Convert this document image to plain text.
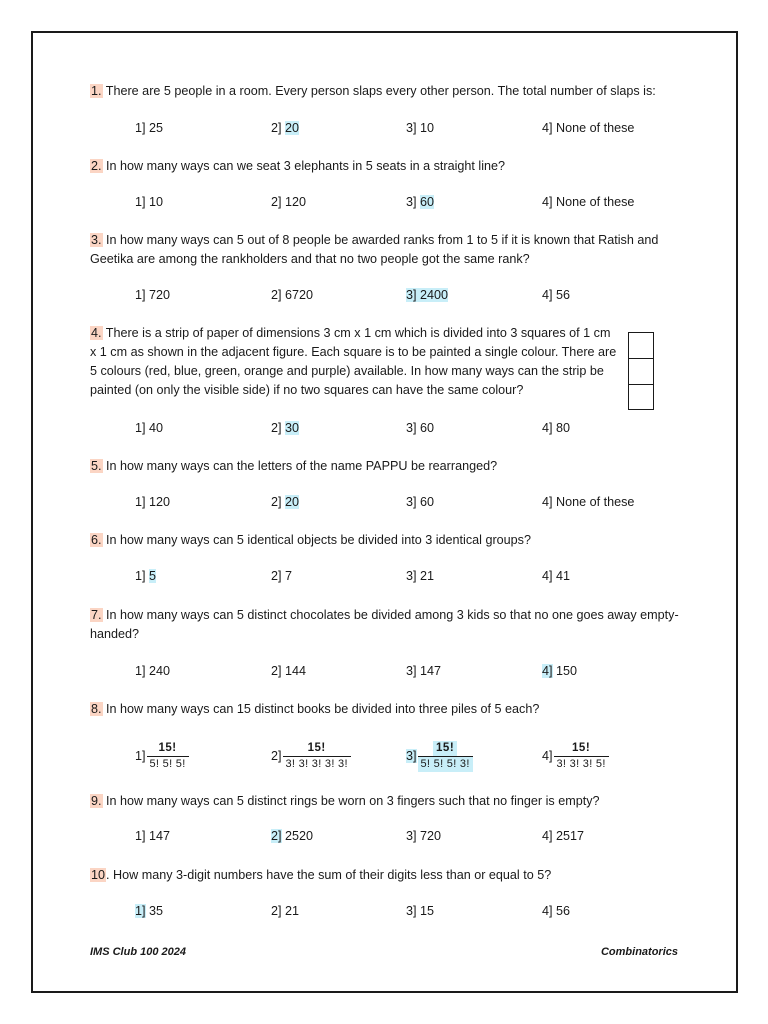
1. There are 5 people in a room. Every person slaps every other person. The total number of slaps is:

1] 25	2] 20	3] 10	4] None of these

2. In how many ways can we seat 3 elephants in 5 seats in a straight line?

1] 10	2] 120	3] 60	4] None of these

3. In how many ways can 5 out of 8 people be awarded ranks from 1 to 5 if it is known that Ratish and Geetika are among the rankholders and that no two people got the same rank?

1] 720	2] 6720	3] 2400	4] 56

4. There is a strip of paper of dimensions 3 cm x 1 cm which is divided into 3 squares of 1 cm x 1 cm as shown in the adjacent figure. Each square is to be painted a single colour. There are 5 colours (red, blue, green, orange and purple) available. In how many ways can the strip be painted (on only the visible side) if no two squares can have the same colour?

1] 40	2] 30	3] 60	4] 80

5. In how many ways can the letters of the name PAPPU be rearranged?

1] 120	2] 20	3] 60	4] None of these

6. In how many ways can 5 identical objects be divided into 3 identical groups?

1] 5	2] 7	3] 21	4] 41

7. In how many ways can 5 distinct chocolates be divided among 3 kids so that no one goes away empty-handed?

1] 240	2] 144	3] 147	4] 150

8. In how many ways can 15 distinct books be divided into three piles of 5 each?

$1] \frac{15!}{5! 5! 5!}$	$2] \frac{15!}{3! 3! 3! 3! 3!}$	$3] \frac{15!}{5! 5! 5! 3!}$	$4] \frac{15!}{3! 3! 3! 5!}$

9. In how many ways can 5 distinct rings be worn on 3 fingers such that no finger is empty?

1] 147	2] 2520	3] 720	4] 2517

10. How many 3-digit numbers have the sum of their digits less than or equal to 5?

1] 35	2] 21	3] 15	4] 56
IMS Club 100 2024	Combinatorics
